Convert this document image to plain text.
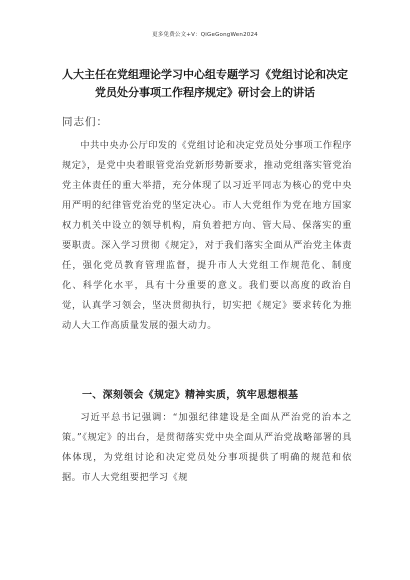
更多免费公文+V：QiGeGongWen2024
人大主任在党组理论学习中心组专题学习《党组讨论和决定党员处分事项工作程序规定》研讨会上的讲话
同志们：

中共中央办公厅印发的《党组讨论和决定党员处分事项工作程序规定》，是党中央着眼管党治党新形势新要求，推动党组落实管党治党主体责任的重大举措，充分体现了以习近平同志为核心的党中央用严明的纪律管党治党的坚定决心。市人大党组作为党在地方国家权力机关中设立的领导机构，肩负着把方向、管大局、保落实的重要职责。深入学习贯彻《规定》，对于我们落实全面从严治党主体责任，强化党员教育管理监督，提升市人大党组工作规范化、制度化、科学化水平，具有十分重要的意义。我们要以高度的政治自觉，认真学习领会，坚决贯彻执行，切实把《规定》要求转化为推动人大工作高质量发展的强大动力。

一、深刻领会《规定》精神实质，筑牢思想根基

习近平总书记强调：“加强纪律建设是全面从严治党的治本之策。”《规定》的出台，是贯彻落实党中央全面从严治党战略部署的具体体现，为党组讨论和决定党员处分事项提供了明确的规范和依据。市人大党组要把学习《规
